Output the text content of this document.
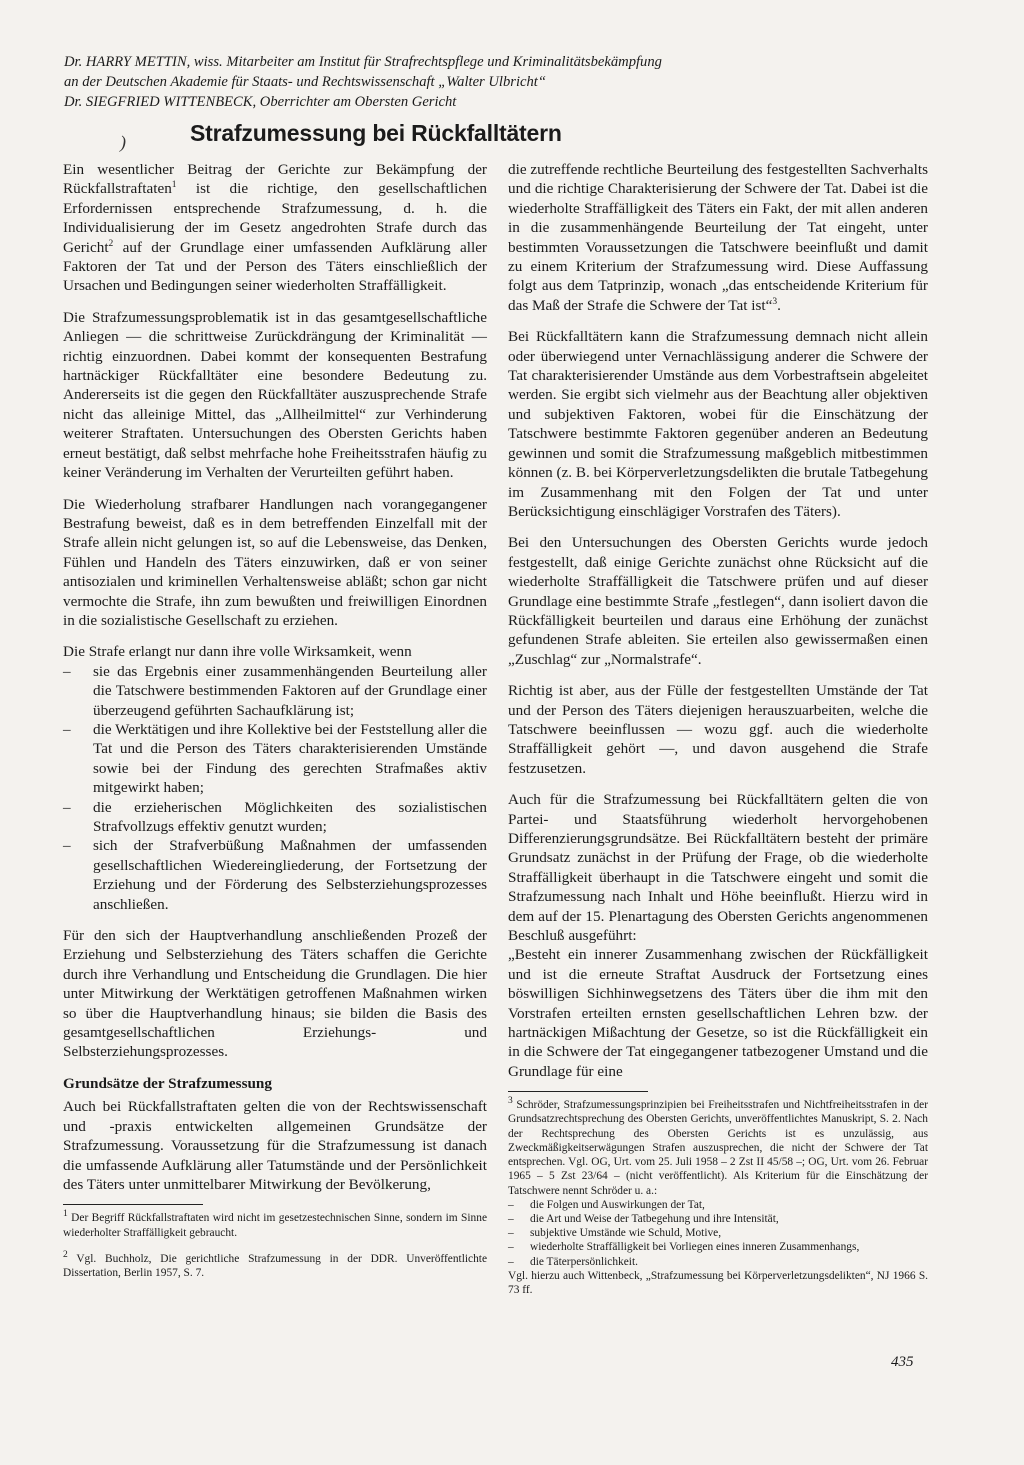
Dr. HARRY METTIN, wiss. Mitarbeiter am Institut für Strafrechtspflege und Kriminalitätsbekämpfung
an der Deutschen Akademie für Staats- und Rechtswissenschaft „Walter Ulbricht“
Dr. SIEGFRIED WITTENBECK, Oberrichter am Obersten Gericht
)	Strafzumessung bei Rückfalltätern

Ein wesentlicher Beitrag der Gerichte zur Bekämpfung der Rückfallstraftaten$^1$ ist die richtige, den gesellschaftlichen Erfordernissen entsprechende Strafzumessung, d. h. die Individualisierung der im Gesetz angedrohten Strafe durch das Gericht$^2$ auf der Grundlage einer umfassenden Aufklärung aller Faktoren der Tat und der Person des Täters einschließlich der Ursachen und Bedingungen seiner wiederholten Straffälligkeit.

Die Strafzumessungsproblematik ist in das gesamtgesellschaftliche Anliegen — die schrittweise Zurückdrängung der Kriminalität — richtig einzuordnen. Dabei kommt der konsequenten Bestrafung hartnäckiger Rückfalltäter eine besondere Bedeutung zu. Andererseits ist die gegen den Rückfalltäter auszusprechende Strafe nicht das alleinige Mittel, das „Allheilmittel“ zur Verhinderung weiterer Straftaten. Untersuchungen des Obersten Gerichts haben erneut bestätigt, daß selbst mehrfache hohe Freiheitsstrafen häufig zu keiner Veränderung im Verhalten der Verurteilten geführt haben.

Die Wiederholung strafbarer Handlungen nach vorangegangener Bestrafung beweist, daß es in dem betreffenden Einzelfall mit der Strafe allein nicht gelungen ist, so auf die Lebensweise, das Denken, Fühlen und Handeln des Täters einzuwirken, daß er von seiner antisozialen und kriminellen Verhaltensweise abläßt; schon gar nicht vermochte die Strafe, ihn zum bewußten und freiwilligen Einordnen in die sozialistische Gesellschaft zu erziehen.

Die Strafe erlangt nur dann ihre volle Wirksamkeit, wenn

– sie das Ergebnis einer zusammenhängenden Beurteilung aller die Tatschwere bestimmenden Faktoren auf der Grundlage einer überzeugend geführten Sachaufklärung ist;
– die Werktätigen und ihre Kollektive bei der Feststellung aller die Tat und die Person des Täters charakterisierenden Umstände sowie bei der Findung des gerechten Strafmaßes aktiv mitgewirkt haben;
– die erzieherischen Möglichkeiten des sozialistischen Strafvollzugs effektiv genutzt wurden;
– sich der Strafverbüßung Maßnahmen der umfassenden gesellschaftlichen Wiedereingliederung, der Fortsetzung der Erziehung und der Förderung des Selbsterziehungsprozesses anschließen.

Für den sich der Hauptverhandlung anschließenden Prozeß der Erziehung und Selbsterziehung des Täters schaffen die Gerichte durch ihre Verhandlung und Entscheidung die Grundlagen. Die hier unter Mitwirkung der Werktätigen getroffenen Maßnahmen wirken so über die Hauptverhandlung hinaus; sie bilden die Basis des gesamtgesellschaftlichen Erziehungs- und Selbsterziehungsprozesses.

Grundsätze der Strafzumessung

Auch bei Rückfallstraftaten gelten die von der Rechtswissenschaft und -praxis entwickelten allgemeinen Grundsätze der Strafzumessung. Voraussetzung für die Strafzumessung ist danach die umfassende Aufklärung aller Tatumstände und der Persönlichkeit des Täters unter unmittelbarer Mitwirkung der Bevölkerung,

$^1$ Der Begriff Rückfallstraftaten wird nicht im gesetzestechnischen Sinne, sondern im Sinne wiederholter Straffälligkeit gebraucht.

$^2$ Vgl. Buchholz, Die gerichtliche Strafzumessung in der DDR. Unveröffentlichte Dissertation, Berlin 1957, S. 7.

die zutreffende rechtliche Beurteilung des festgestellten Sachverhalts und die richtige Charakterisierung der Schwere der Tat. Dabei ist die wiederholte Straffälligkeit des Täters ein Fakt, der mit allen anderen in die zusammenhängende Beurteilung der Tat eingeht, unter bestimmten Voraussetzungen die Tatschwere beeinflußt und damit zu einem Kriterium der Strafzumessung wird. Diese Auffassung folgt aus dem Tatprinzip, wonach „das entscheidende Kriterium für das Maß der Strafe die Schwere der Tat ist“$^3$.

Bei Rückfalltätern kann die Strafzumessung demnach nicht allein oder überwiegend unter Vernachlässigung anderer die Schwere der Tat charakterisierender Umstände aus dem Vorbestraftsein abgeleitet werden. Sie ergibt sich vielmehr aus der Beachtung aller objektiven und subjektiven Faktoren, wobei für die Einschätzung der Tatschwere bestimmte Faktoren gegenüber anderen an Bedeutung gewinnen und somit die Strafzumessung maßgeblich mitbestimmen können (z. B. bei Körperverletzungsdelikten die brutale Tatbegehung im Zusammenhang mit den Folgen der Tat und unter Berücksichtigung einschlägiger Vorstrafen des Täters).

Bei den Untersuchungen des Obersten Gerichts wurde jedoch festgestellt, daß einige Gerichte zunächst ohne Rücksicht auf die wiederholte Straffälligkeit die Tatschwere prüfen und auf dieser Grundlage eine bestimmte Strafe „festlegen“, dann isoliert davon die Rückfälligkeit beurteilen und daraus eine Erhöhung der zunächst gefundenen Strafe ableiten. Sie erteilen also gewissermaßen einen „Zuschlag“ zur „Normalstrafe“.

Richtig ist aber, aus der Fülle der festgestellten Umstände der Tat und der Person des Täters diejenigen herauszuarbeiten, welche die Tatschwere beeinflussen — wozu ggf. auch die wiederholte Straffälligkeit gehört —, und davon ausgehend die Strafe festzusetzen.

Auch für die Strafzumessung bei Rückfalltätern gelten die von Partei- und Staatsführung wiederholt hervorgehobenen Differenzierungsgrundsätze. Bei Rückfalltätern besteht der primäre Grundsatz zunächst in der Prüfung der Frage, ob die wiederholte Straffälligkeit überhaupt in die Tatschwere eingeht und somit die Strafzumessung nach Inhalt und Höhe beeinflußt. Hierzu wird in dem auf der 15. Plenartagung des Obersten Gerichts angenommenen Beschluß ausgeführt:

„Besteht ein innerer Zusammenhang zwischen der Rückfälligkeit und ist die erneute Straftat Ausdruck der Fortsetzung eines böswilligen Sichhinwegsetzens des Täters über die ihm mit den Vorstrafen erteilten ernsten gesellschaftlichen Lehren bzw. der hartnäckigen Mißachtung der Gesetze, so ist die Rückfälligkeit ein in die Schwere der Tat eingegangener tatbezogener Umstand und die Grundlage für eine

$^3$ Schröder, Strafzumessungsprinzipien bei Freiheitsstrafen und Nichtfreiheitsstrafen in der Grundsatzrechtsprechung des Obersten Gerichts, unveröffentlichtes Manuskript, S. 2. Nach der Rechtsprechung des Obersten Gerichts ist es unzulässig, aus Zweckmäßigkeitserwägungen Strafen auszusprechen, die nicht der Schwere der Tat entsprechen. Vgl. OG, Urt. vom 25. Juli 1958 – 2 Zst II 45/58 –; OG, Urt. vom 26. Februar 1965 – 5 Zst 23/64 – (nicht veröffentlicht). Als Kriterium für die Einschätzung der Tatschwere nennt Schröder u. a.:

– die Folgen und Auswirkungen der Tat,
– die Art und Weise der Tatbegehung und ihre Intensität,
– subjektive Umstände wie Schuld, Motive,
– wiederholte Straffälligkeit bei Vorliegen eines inneren Zusammenhangs,
– die Täterpersönlichkeit.

Vgl. hierzu auch Wittenbeck, „Strafzumessung bei Körperverletzungsdelikten“, NJ 1966 S. 73 ff.

435
